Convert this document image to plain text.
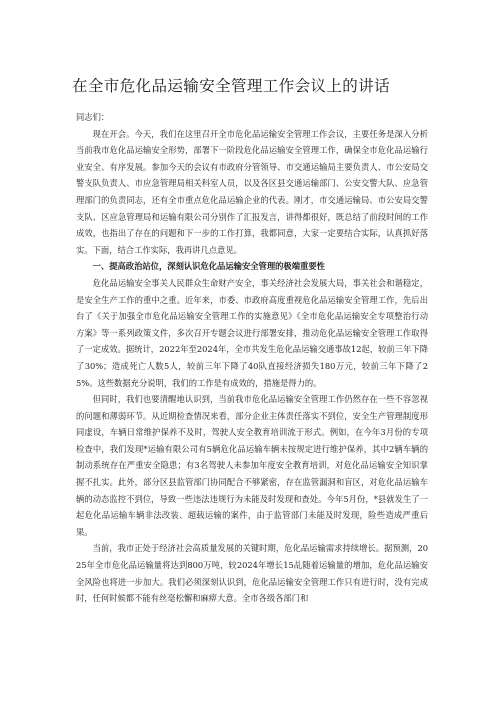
在全市危化品运输安全管理工作会议上的讲话

同志们：

现在开会。今天，我们在这里召开全市危化品运输安全管理工作会议，主要任务是深入分析当前我市危化品运输安全形势，部署下一阶段危化品运输安全管理工作，确保全市危化品运输行业安全、有序发展。参加今天的会议有市政府分管领导、市交通运输局主要负责人、市公安局交警支队负责人、市应急管理局相关科室人员，以及各区县交通运输部门、公安交警大队、应急管理部门的负责同志，还有全市重点危化品运输企业的代表。刚才，市交通运输局、市公安局交警支队、区应急管理局和运输有限公司分别作了汇报发言，讲得都很好，既总结了前段时间的工作成效，也指出了存在的问题和下一步的工作打算，我都同意，大家一定要结合实际，认真抓好落实。下面，结合工作实际，我再讲几点意见。

一、提高政治站位，深刻认识危化品运输安全管理的极端重要性

危化品运输安全事关人民群众生命财产安全，事关经济社会发展大局，事关社会和谐稳定，是安全生产工作的重中之重。近年来，市委、市政府高度重视危化品运输安全管理工作，先后出台了《关于加强全市危化品运输安全管理工作的实施意见》《全市危化品运输安全专项整治行动方案》等一系列政策文件，多次召开专题会议进行部署安排，推动危化品运输安全管理工作取得了一定成效。据统计，2022年至2024年，全市共发生危化品运输交通事故12起，较前三年下降了30%；造成死亡人数5人，较前三年下降了40队直接经济损失180万元，较前三年下降了25%。这些数据充分说明，我们的工作是有成效的，措施是得力的。

但同时，我们也要清醒地认识到，当前我市危化品运输安全管理工作仍然存在一些不容忽视的问题和薄弱环节。从近期检查情况来看，部分企业主体责任落实不到位，安全生产管理制度形同虚设，车辆日常维护保养不及时，驾驶人安全教育培训流于形式。例如，在今年3月份的专项检查中，我们发现*运输有限公司有5辆危化品运输车辆未按规定进行维护保养，其中2辆车辆的制动系统存在严重安全隐患；有3名驾驶人未参加年度安全教育培训，对危化品运输安全知识掌握不扎实。此外，部分区县监管部门协同配合不够紧密，存在监管漏洞和盲区，对危化品运输车辆的动态监控不到位，导致一些违法违规行为未能及时发现和查处。今年5月份，*县就发生了一起危化品运输车辆非法改装、超载运输的案件，由于监管部门未能及时发现，险些造成严重后果。

当前，我市正处于经济社会高质量发展的关键时期，危化品运输需求持续增长。据预测，2025年全市危化品运输量将达到800万吨，较2024年增长15乩随着运输量的增加，危化品运输安全风险也将进一步加大。我们必须深刻认识到，危化品运输安全管理工作只有进行时，没有完成时，任何时候都不能有丝毫松懈和麻痹大意。全市各级各部门和
